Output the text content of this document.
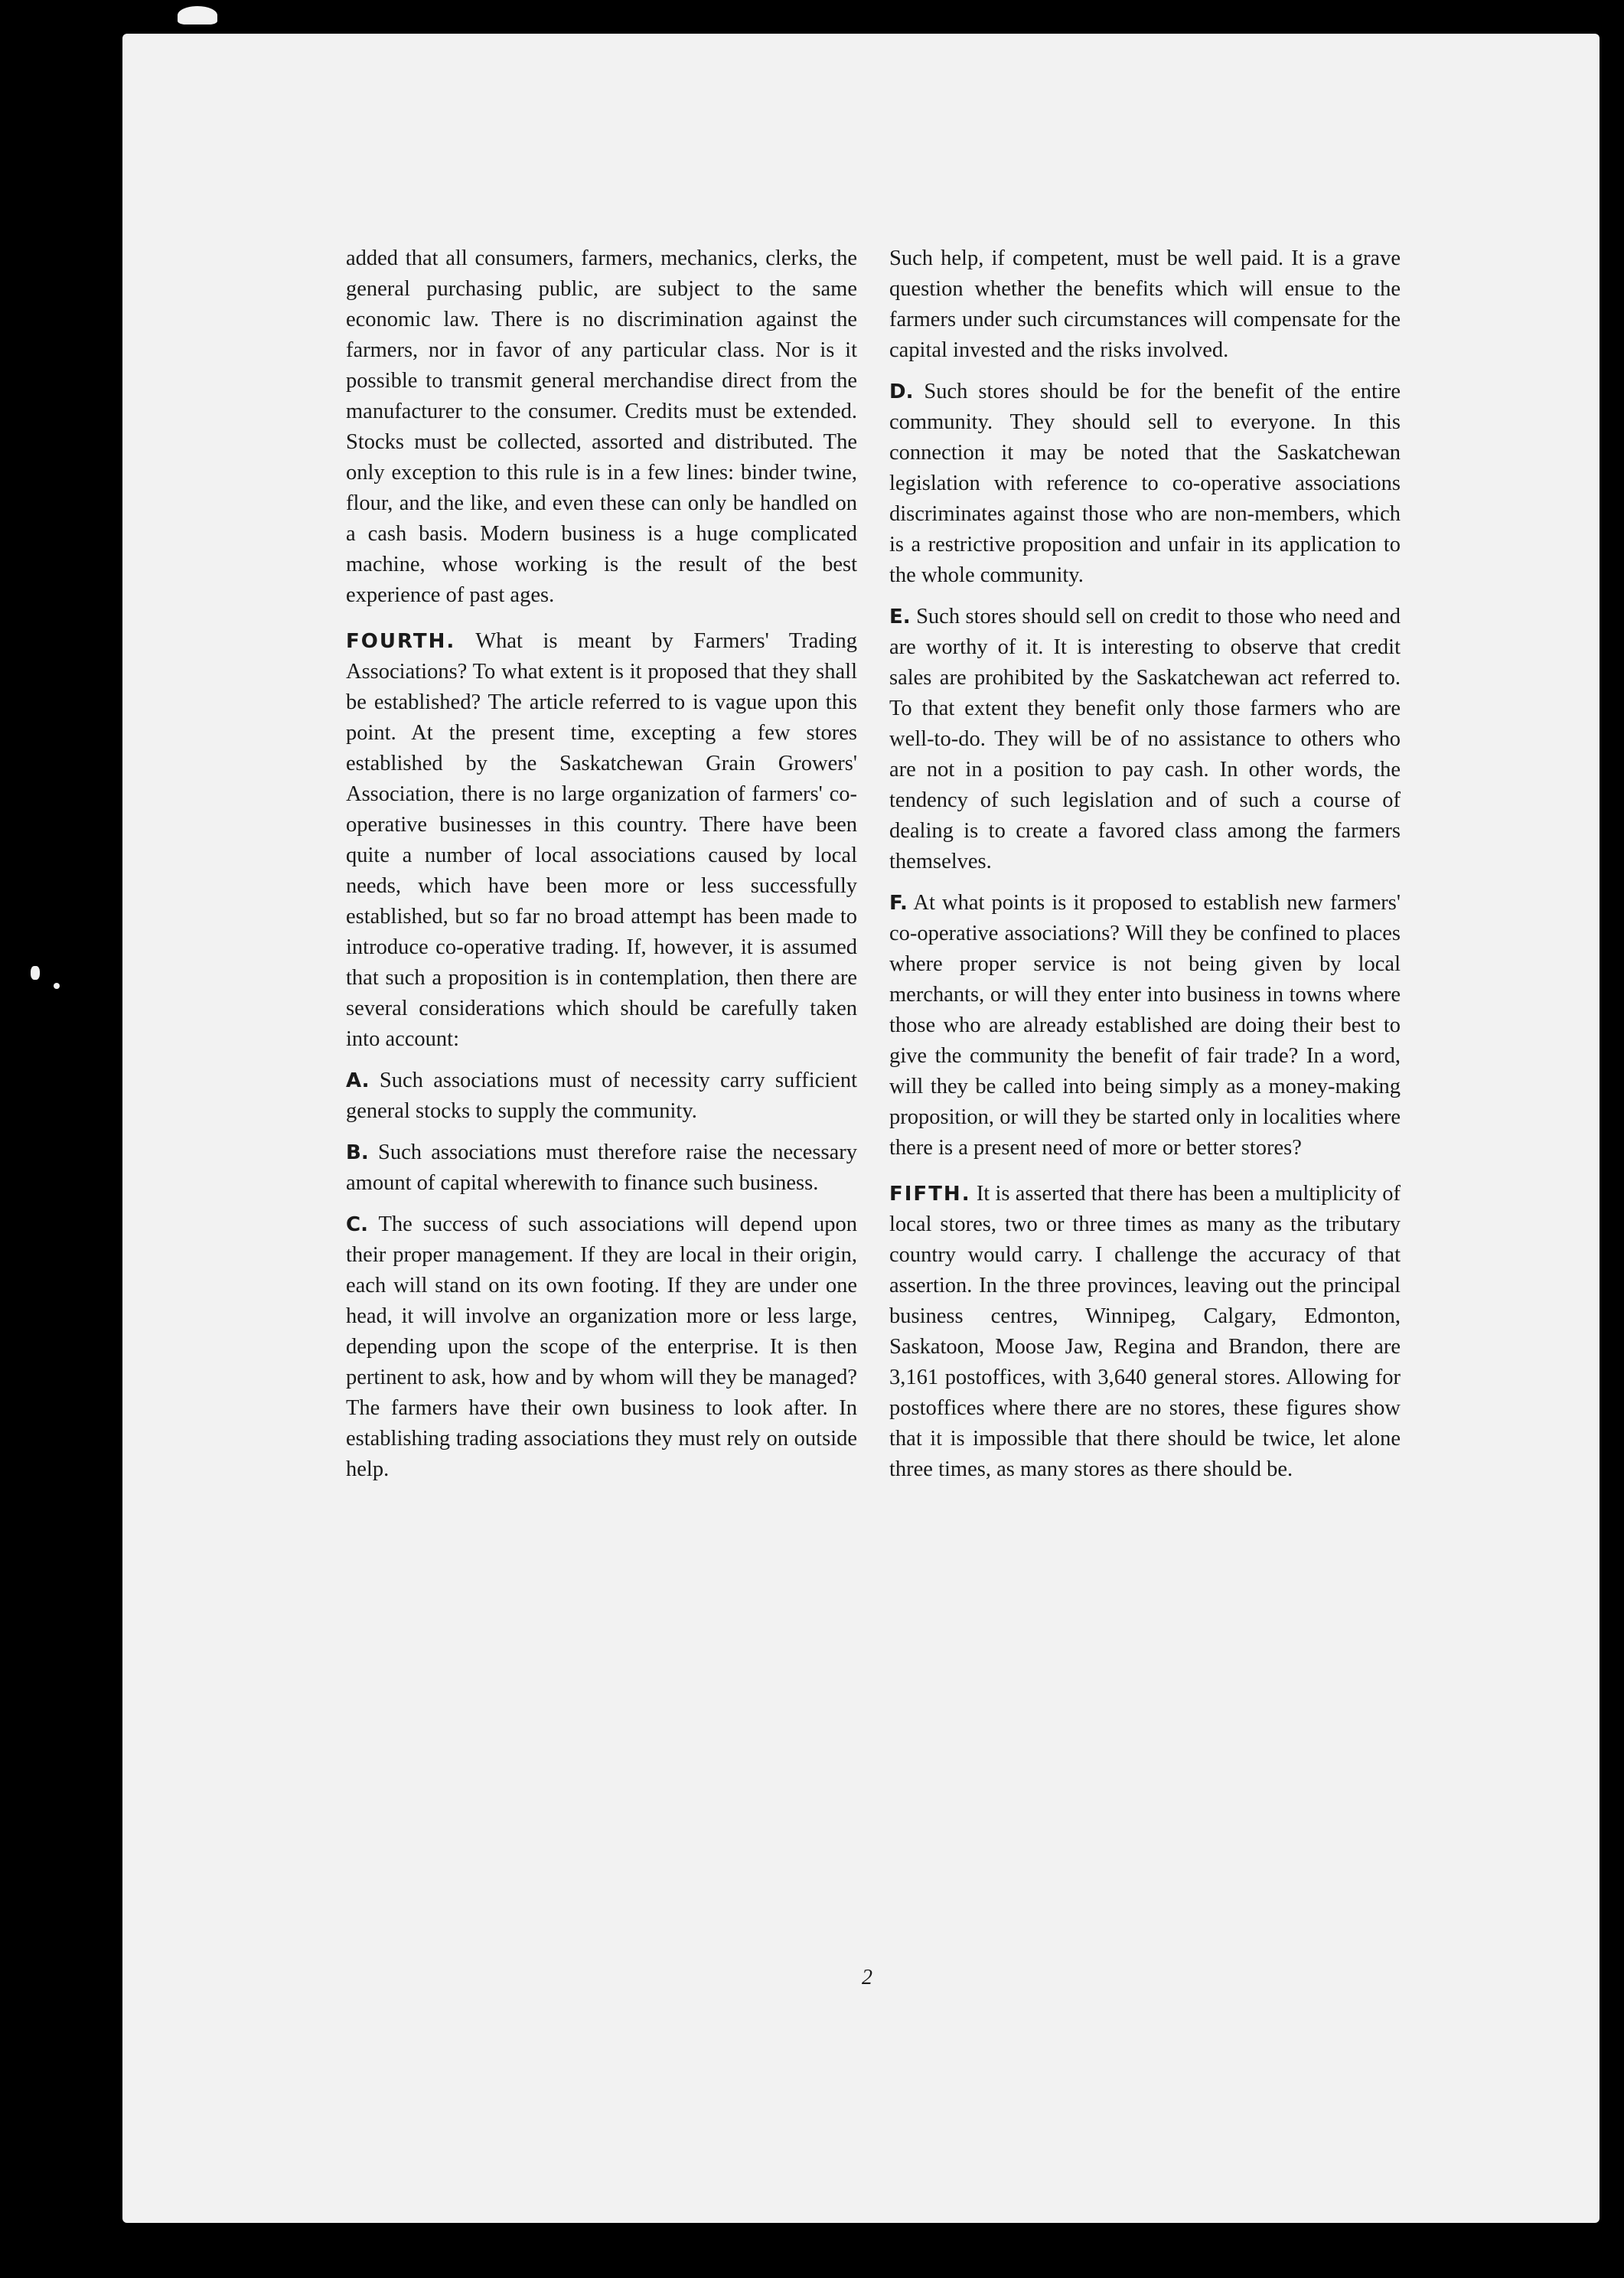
added that all consumers, farmers, mechanics, clerks, the general purchasing public, are subject to the same economic law. There is no discrimination against the farmers, nor in favor of any particular class. Nor is it possible to transmit general merchandise direct from the manufacturer to the consumer. Credits must be extended. Stocks must be collected, assorted and distributed. The only exception to this rule is in a few lines: binder twine, flour, and the like, and even these can only be handled on a cash basis. Modern business is a huge complicated machine, whose working is the result of the best experience of past ages.

FOURTH. What is meant by Farmers' Trading Associations? To what extent is it proposed that they shall be established? The article referred to is vague upon this point. At the present time, excepting a few stores established by the Saskatchewan Grain Growers' Association, there is no large organization of farmers' co-operative businesses in this country. There have been quite a number of local associations caused by local needs, which have been more or less successfully established, but so far no broad attempt has been made to introduce co-operative trading. If, however, it is assumed that such a proposition is in contemplation, then there are several considerations which should be carefully taken into account:

A. Such associations must of necessity carry sufficient general stocks to supply the community.

B. Such associations must therefore raise the necessary amount of capital wherewith to finance such business.

C. The success of such associations will depend upon their proper management. If they are local in their origin, each will stand on its own footing. If they are under one head, it will involve an organization more or less large, depending upon the scope of the enterprise. It is then pertinent to ask, how and by whom will they be managed? The farmers have their own business to look after. In establishing trading associations they must rely on outside help.

Such help, if competent, must be well paid. It is a grave question whether the benefits which will ensue to the farmers under such circumstances will compensate for the capital invested and the risks involved.

D. Such stores should be for the benefit of the entire community. They should sell to everyone. In this connection it may be noted that the Saskatchewan legislation with reference to co-operative associations discriminates against those who are non-members, which is a restrictive proposition and unfair in its application to the whole community.

E. Such stores should sell on credit to those who need and are worthy of it. It is interesting to observe that credit sales are prohibited by the Saskatchewan act referred to. To that extent they benefit only those farmers who are well-to-do. They will be of no assistance to others who are not in a position to pay cash. In other words, the tendency of such legislation and of such a course of dealing is to create a favored class among the farmers themselves.

F. At what points is it proposed to establish new farmers' co-operative associations? Will they be confined to places where proper service is not being given by local merchants, or will they enter into business in towns where those who are already established are doing their best to give the community the benefit of fair trade? In a word, will they be called into being simply as a money-making proposition, or will they be started only in localities where there is a present need of more or better stores?

FIFTH. It is asserted that there has been a multiplicity of local stores, two or three times as many as the tributary country would carry. I challenge the accuracy of that assertion. In the three provinces, leaving out the principal business centres, Winnipeg, Calgary, Edmonton, Saskatoon, Moose Jaw, Regina and Brandon, there are 3,161 postoffices, with 3,640 general stores. Allowing for postoffices where there are no stores, these figures show that it is impossible that there should be twice, let alone three times, as many stores as there should be.

2
